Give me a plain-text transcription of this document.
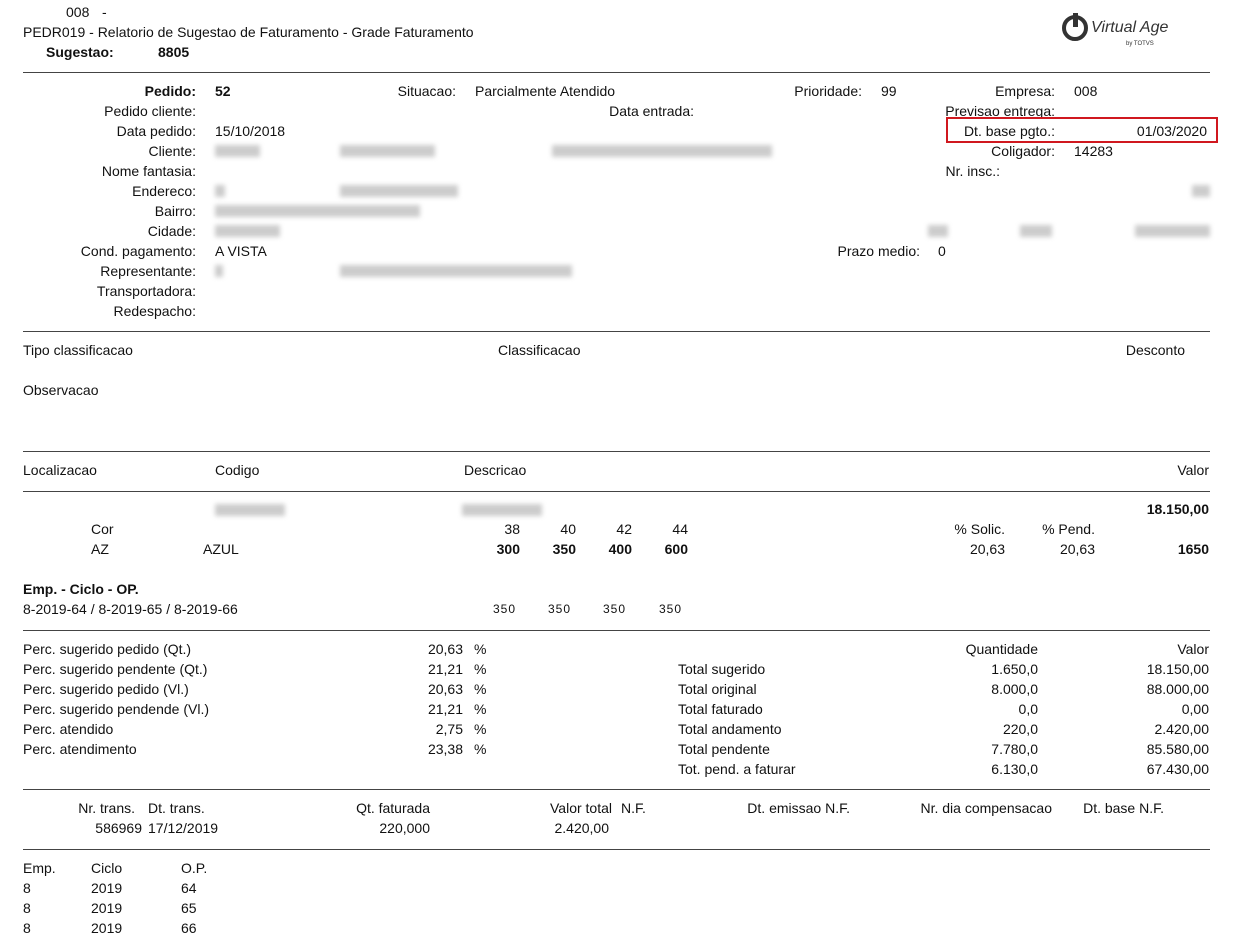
008 -
PEDR019 - Relatorio de Sugestao de Faturamento - Grade Faturamento
Sugestao:	8805
Virtual Age
by TOTVS
Pedido: 52	Situacao: Parcialmente Atendido	Prioridade: 99	Empresa: 008
Pedido cliente:	Data entrada:	Previsao entrega:
Data pedido: 15/10/2018	Dt. base pgto.:	01/03/2020
Cliente:	Coligador: 14283
Nome fantasia:	Nr. insc.:
Endereco:
Bairro:
Cidade:
Cond. pagamento: A VISTA	Prazo medio: 0
Representante:
Transportadora:
Redespacho:
Tipo classificacao	Classificacao	Desconto
Observacao
Localizacao	Codigo	Descricao	Valor
18.150,00
Cor	38	40	42	44	% Solic.	% Pend.
AZ	AZUL	300 350 400 600	20,63	20,63	1650
Emp. - Ciclo - OP.
8-2019-64 / 8-2019-65 / 8-2019-66	350	350	350	350
Perc. sugerido pedido (Qt.)	20,63 %
Perc. sugerido pendente (Qt.)	21,21 %
Perc. sugerido pedido (Vl.)	20,63 %
Perc. sugerido pendende (Vl.)	21,21 %
Perc. atendido	2,75 %
Perc. atendimento	23,38 %
Quantidade	Valor
Total sugerido	1.650,0	18.150,00
Total original	8.000,0	88.000,00
Total faturado	0,0	0,00
Total andamento	220,0	2.420,00
Total pendente	7.780,0	85.580,00
Tot. pend. a faturar	6.130,0	67.430,00
Nr. trans. Dt. trans.	Qt. faturada	Valor total N.F.	Dt. emissao N.F.	Nr. dia compensacao Dt. base N.F.
586969 17/12/2019	220,000	2.420,00
Emp.	Ciclo	O.P.
8	2019	64
8	2019	65
8	2019	66
